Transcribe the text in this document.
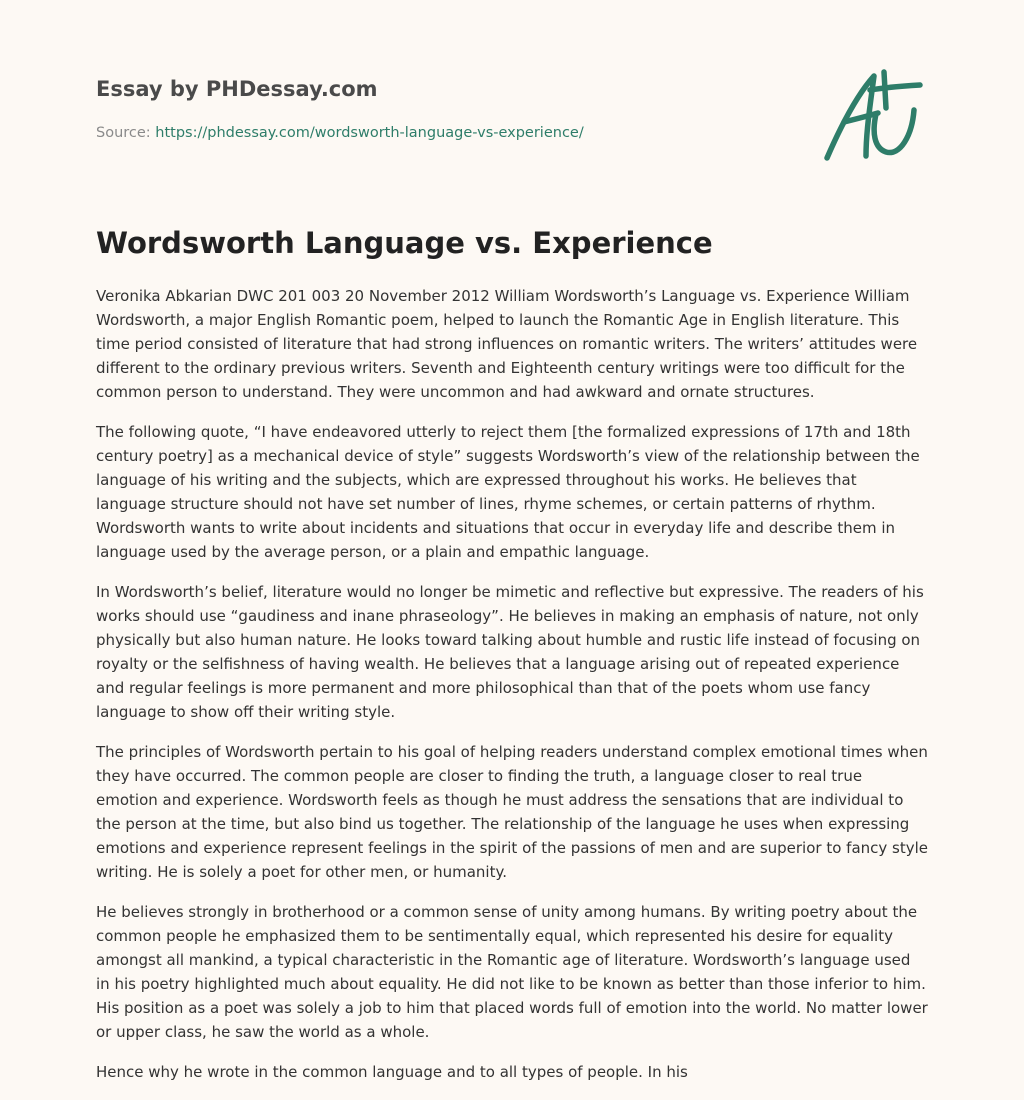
Essay by PHDessay.com
Source: https://phdessay.com/wordsworth-language-vs-experience/
Wordsworth Language vs. Experience

Veronika Abkarian DWC 201 003 20 November 2012 William Wordsworth’s Language vs. Experience William Wordsworth, a major English Romantic poem, helped to launch the Romantic Age in English literature. This time period consisted of literature that had strong influences on romantic writers. The writers’ attitudes were different to the ordinary previous writers. Seventh and Eighteenth century writings were too difficult for the common person to understand. They were uncommon and had awkward and ornate structures.

The following quote, “I have endeavored utterly to reject them [the formalized expressions of 17th and 18th century poetry] as a mechanical device of style” suggests Wordsworth’s view of the relationship between the language of his writing and the subjects, which are expressed throughout his works. He believes that language structure should not have set number of lines, rhyme schemes, or certain patterns of rhythm. Wordsworth wants to write about incidents and situations that occur in everyday life and describe them in language used by the average person, or a plain and empathic language.

In Wordsworth’s belief, literature would no longer be mimetic and reflective but expressive. The readers of his works should use “gaudiness and inane phraseology”. He believes in making an emphasis of nature, not only physically but also human nature. He looks toward talking about humble and rustic life instead of focusing on royalty or the selfishness of having wealth. He believes that a language arising out of repeated experience and regular feelings is more permanent and more philosophical than that of the poets whom use fancy language to show off their writing style.

The principles of Wordsworth pertain to his goal of helping readers understand complex emotional times when they have occurred. The common people are closer to finding the truth, a language closer to real true emotion and experience. Wordsworth feels as though he must address the sensations that are individual to the person at the time, but also bind us together. The relationship of the language he uses when expressing emotions and experience represent feelings in the spirit of the passions of men and are superior to fancy style writing. He is solely a poet for other men, or humanity.

He believes strongly in brotherhood or a common sense of unity among humans. By writing poetry about the common people he emphasized them to be sentimentally equal, which represented his desire for equality amongst all mankind, a typical characteristic in the Romantic age of literature. Wordsworth’s language used in his poetry highlighted much about equality. He did not like to be known as better than those inferior to him. His position as a poet was solely a job to him that placed words full of emotion into the world. No matter lower or upper class, he saw the world as a whole.

Hence why he wrote in the common language and to all types of people. In his
